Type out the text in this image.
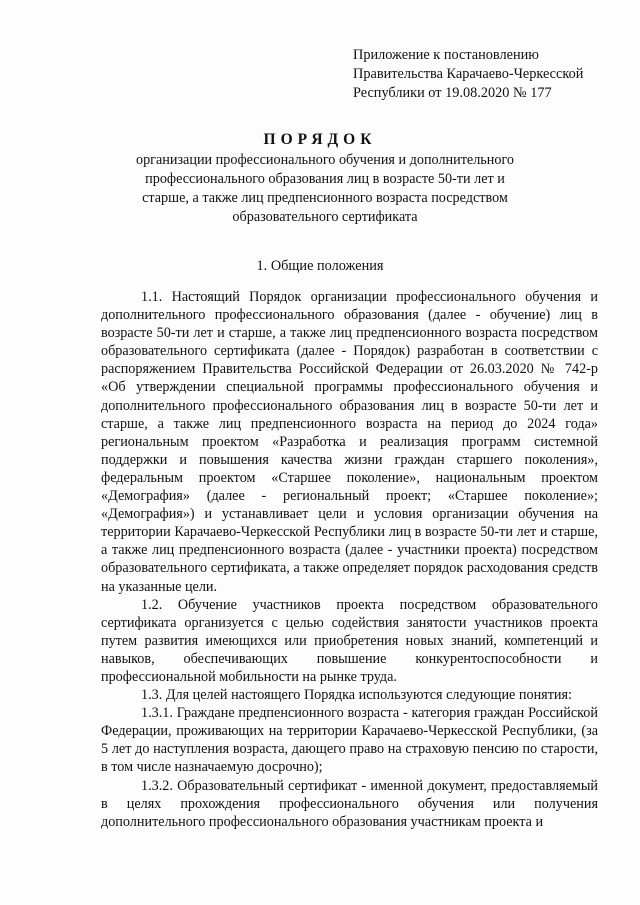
Приложение к постановлению
Правительства Карачаево-Черкесской
Республики от 19.08.2020 № 177
ПОРЯДОК
организации профессионального обучения и дополнительного профессионального образования лиц в возрасте 50-ти лет и старше, а также лиц предпенсионного возраста посредством образовательного сертификата
1. Общие положения

1.1. Настоящий Порядок организации профессионального обучения и дополнительного профессионального образования (далее - обучение) лиц в возрасте 50-ти лет и старше, а также лиц предпенсионного возраста посредством образовательного сертификата (далее - Порядок) разработан в соответствии с распоряжением Правительства Российской Федерации от 26.03.2020 № 742-р «Об утверждении специальной программы профессионального обучения и дополнительного профессионального образования лиц в возрасте 50-ти лет и старше, а также лиц предпенсионного возраста на период до 2024 года» региональным проектом «Разработка и реализация программ системной поддержки и повышения качества жизни граждан старшего поколения», федеральным проектом «Старшее поколение», национальным проектом «Демография» (далее - региональный проект; «Старшее поколение»; «Демография») и устанавливает цели и условия организации обучения на территории Карачаево-Черкесской Республики лиц в возрасте 50-ти лет и старше, а также лиц предпенсионного возраста (далее - участники проекта) посредством образовательного сертификата, а также определяет порядок расходования средств на указанные цели.

1.2. Обучение участников проекта посредством образовательного сертификата организуется с целью содействия занятости участников проекта путем развития имеющихся или приобретения новых знаний, компетенций и навыков, обеспечивающих повышение конкурентоспособности и профессиональной мобильности на рынке труда.

1.3. Для целей настоящего Порядка используются следующие понятия:

1.3.1. Граждане предпенсионного возраста - категория граждан Российской Федерации, проживающих на территории Карачаево-Черкесской Республики, (за 5 лет до наступления возраста, дающего право на страховую пенсию по старости, в том числе назначаемую досрочно);

1.3.2. Образовательный сертификат - именной документ, предоставляемый в целях прохождения профессионального обучения или получения дополнительного профессионального образования участникам проекта и
